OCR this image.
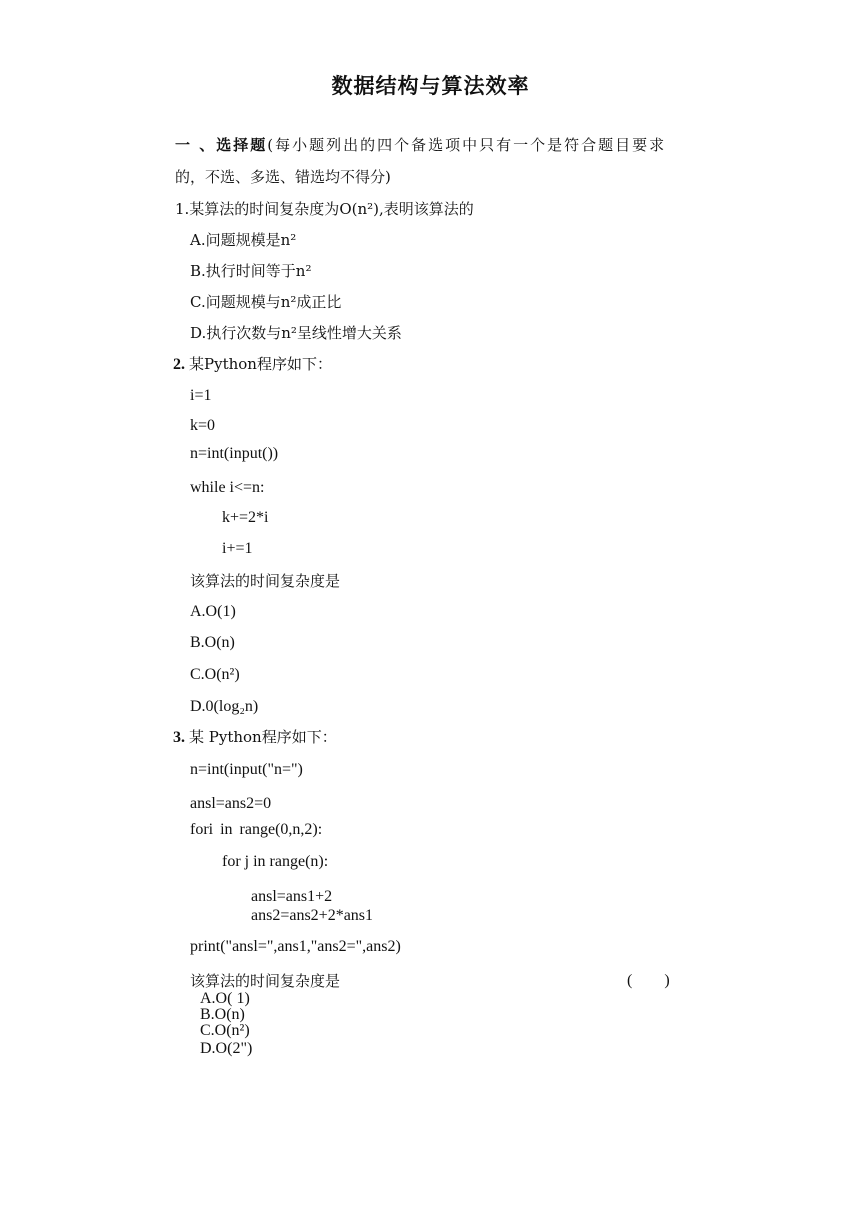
数据结构与算法效率
一 、选择题(每小题列出的四个备选项中只有一个是符合题目要求
的，不选、多选、错选均不得分)
1.某算法的时间复杂度为O(n²),表明该算法的
A.问题规模是n²
B.执行时间等于n²
C.问题规模与n²成正比
D.执行次数与n²呈线性增大关系
2. 某Python程序如下：
i=1
k=0
n=int(input())
while i<=n:
k+=2*i
i+=1
该算法的时间复杂度是
A.O(1)
B.O(n)
C.O(n²)
D.0(log₂n)
3. 某 Python程序如下：
n=int(input("n=")
ansl=ans2=0
fori in range(0,n,2):
for j in range(n):
ansl=ans1+2
ans2=ans2+2*ans1
print("ansl=",ans1,"ans2=",ans2)
该算法的时间复杂度是	(        )
A.O( 1)
B.O(n)
C.O(n²)
D.O(2")
